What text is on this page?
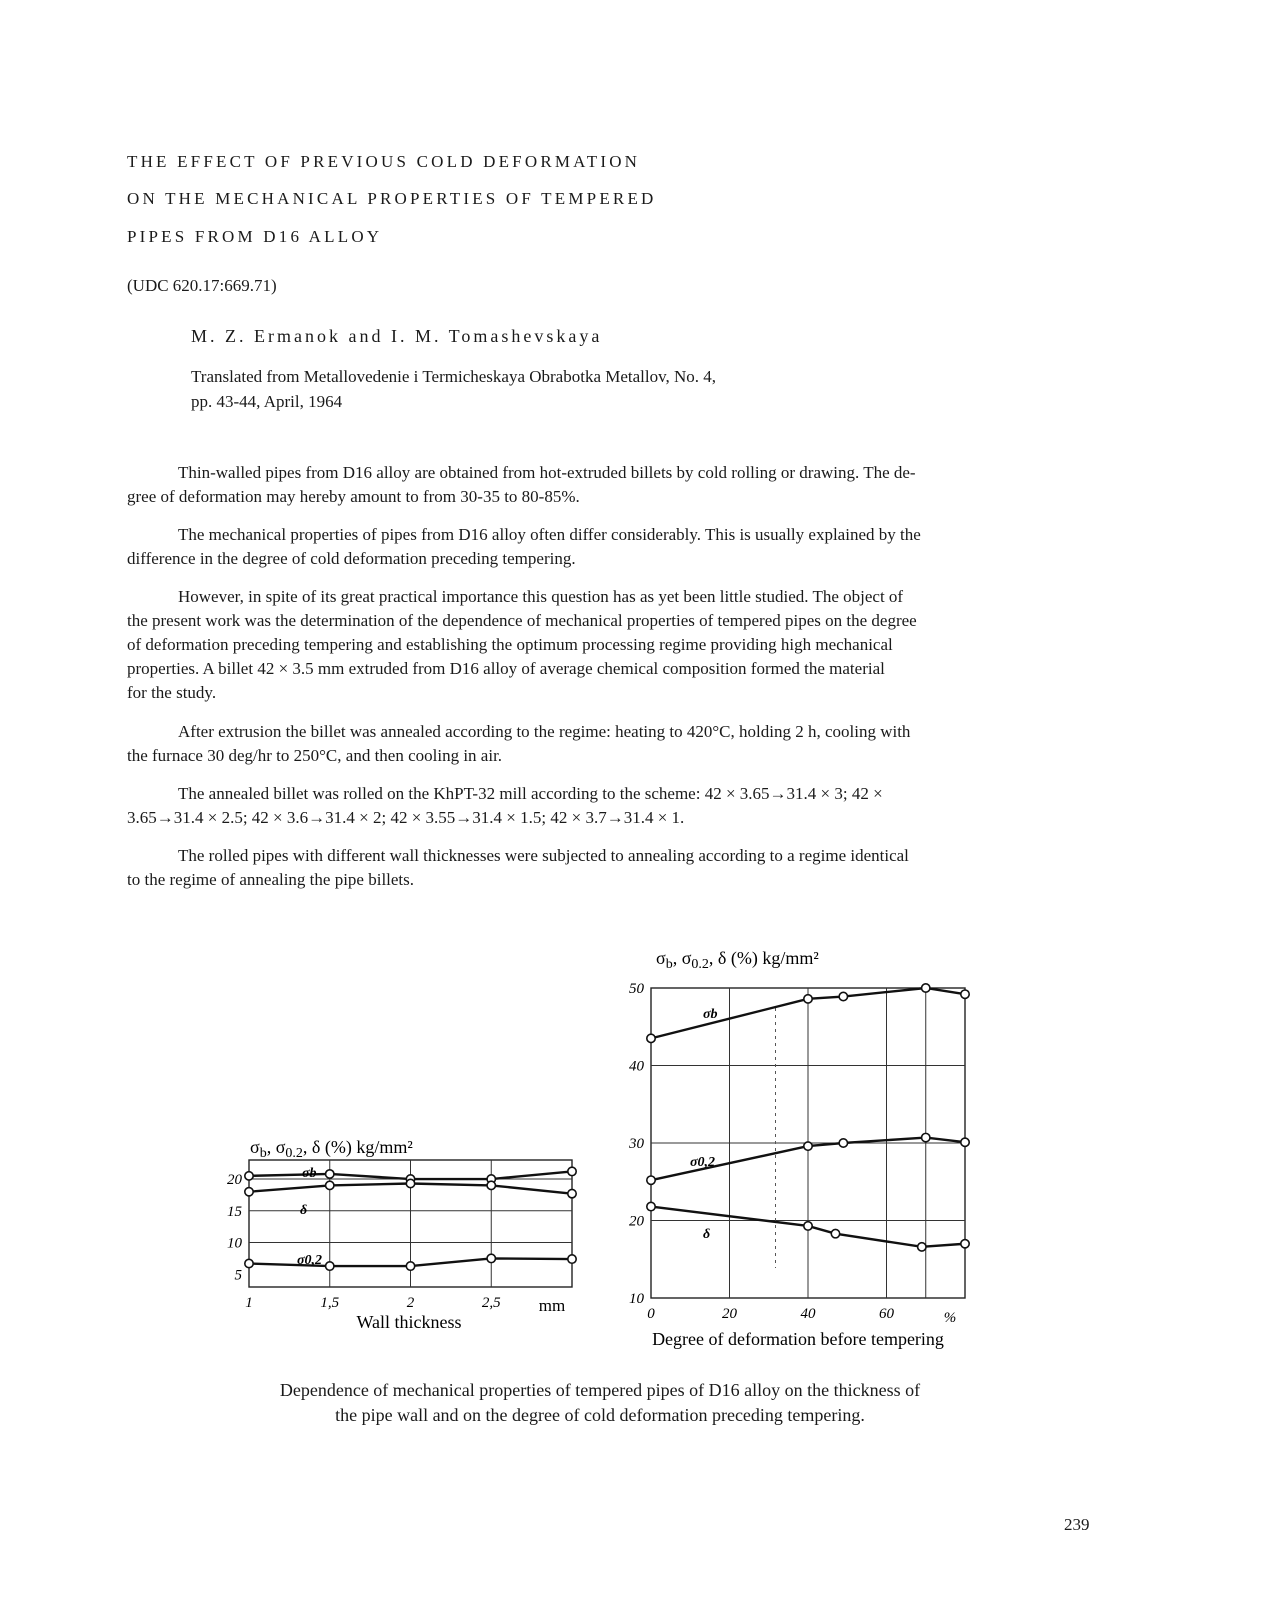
THE EFFECT OF PREVIOUS COLD DEFORMATION
ON THE MECHANICAL PROPERTIES OF TEMPERED
PIPES FROM D16 ALLOY
(UDC 620.17:669.71)
M. Z. Ermanok and I. M. Tomashevskaya
Translated from Metallovedenie i Termicheskaya Obrabotka Metallov, No. 4,
pp. 43-44, April, 1964
Thin-walled pipes from D16 alloy are obtained from hot-extruded billets by cold rolling or drawing. The de-
gree of deformation may hereby amount to from 30-35 to 80-85%.
The mechanical properties of pipes from D16 alloy often differ considerably. This is usually explained by the
difference in the degree of cold deformation preceding tempering.
However, in spite of its great practical importance this question has as yet been little studied. The object of
the present work was the determination of the dependence of mechanical properties of tempered pipes on the degree
of deformation preceding tempering and establishing the optimum processing regime providing high mechanical
properties. A billet 42 × 3.5 mm extruded from D16 alloy of average chemical composition formed the material
for the study.
After extrusion the billet was annealed according to the regime: heating to 420°C, holding 2 h, cooling with
the furnace 30 deg/hr to 250°C, and then cooling in air.
The annealed billet was rolled on the KhPT-32 mill according to the scheme: 42 × 3.65→31.4 × 3; 42 ×
3.65→31.4 × 2.5; 42 × 3.6→31.4 × 2; 42 × 3.55→31.4 × 1.5; 42 × 3.7→31.4 × 1.
The rolled pipes with different wall thicknesses were subjected to annealing according to a regime identical
to the regime of annealing the pipe billets.
5
10
15
20
1	1,5	2	2,5 mm
σb, σ0.2, δ (%) kg/mm²
Wall thickness
σb
δ
σ0,2
10
20
30
40
50
0	20	40	60	%
σb, σ0.2, δ (%) kg/mm²
Degree of deformation before tempering
σb
σ0,2
δ
Dependence of mechanical properties of tempered pipes of D16 alloy on the thickness of
the pipe wall and on the degree of cold deformation preceding tempering.
239
